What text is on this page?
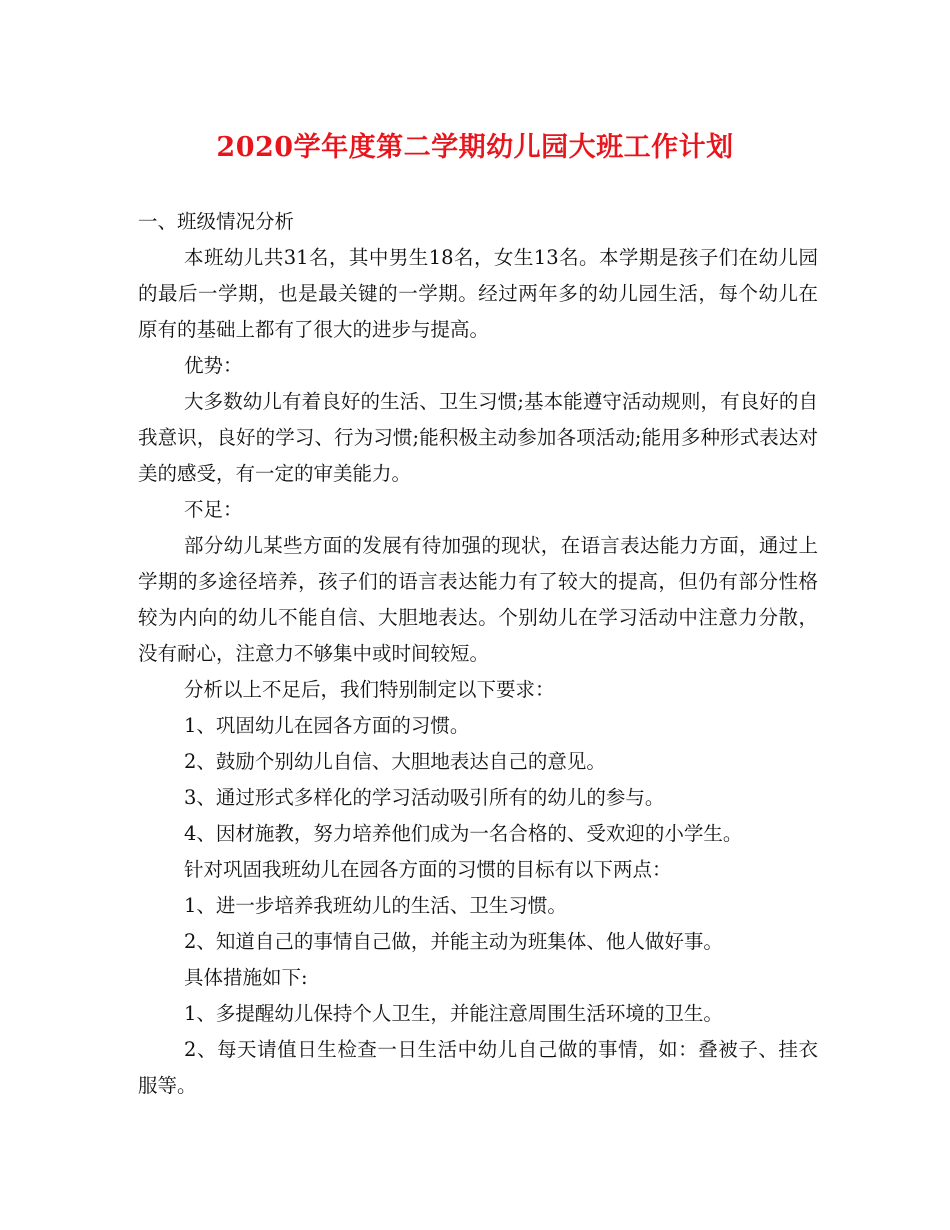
2020学年度第二学期幼儿园大班工作计划

一、班级情况分析

本班幼儿共31名，其中男生18名，女生13名。本学期是孩子们在幼儿园的最后一学期，也是最关键的一学期。经过两年多的幼儿园生活，每个幼儿在原有的基础上都有了很大的进步与提高。

优势：

大多数幼儿有着良好的生活、卫生习惯;基本能遵守活动规则，有良好的自我意识，良好的学习、行为习惯;能积极主动参加各项活动;能用多种形式表达对美的感受，有一定的审美能力。

不足：

部分幼儿某些方面的发展有待加强的现状，在语言表达能力方面，通过上学期的多途径培养，孩子们的语言表达能力有了较大的提高，但仍有部分性格较为内向的幼儿不能自信、大胆地表达。个别幼儿在学习活动中注意力分散，没有耐心，注意力不够集中或时间较短。

分析以上不足后，我们特别制定以下要求：

1、巩固幼儿在园各方面的习惯。

2、鼓励个别幼儿自信、大胆地表达自己的意见。

3、通过形式多样化的学习活动吸引所有的幼儿的参与。

4、因材施教，努力培养他们成为一名合格的、受欢迎的小学生。

针对巩固我班幼儿在园各方面的习惯的目标有以下两点：

1、进一步培养我班幼儿的生活、卫生习惯。

2、知道自己的事情自己做，并能主动为班集体、他人做好事。

具体措施如下:

1、多提醒幼儿保持个人卫生，并能注意周围生活环境的卫生。

2、每天请值日生检查一日生活中幼儿自己做的事情，如：叠被子、挂衣服等。
